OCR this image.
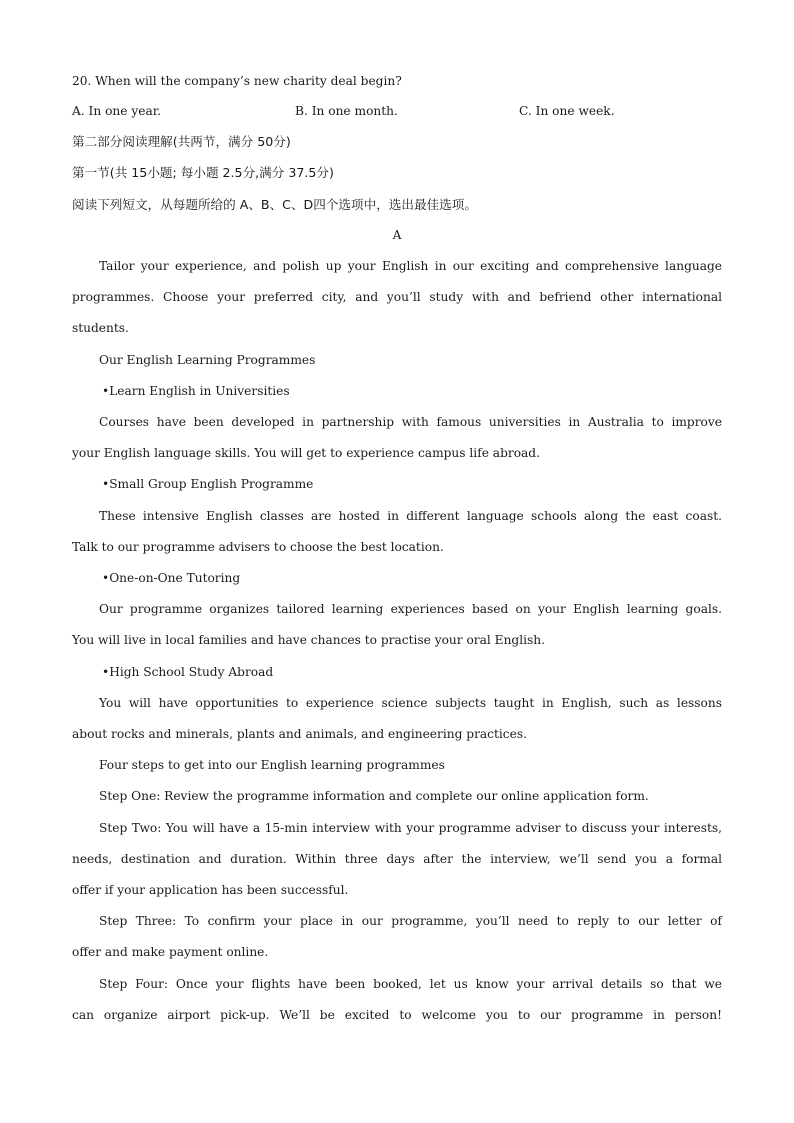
20. When will the company’s new charity deal begin?

A. In one year.	B. In one month.	C. In one week.

第二部分阅读理解(共两节，满分 50分)

第一节(共 15小题; 每小题 2.5分,满分 37.5分)

阅读下列短文，从每题所给的 A、B、C、D四个选项中，选出最佳选项。

A

Tailor your experience, and polish up your English in our exciting and comprehensive language

programmes. Choose your preferred city, and you’ll study with and befriend other international

students.

Our English Learning Programmes

•Learn English in Universities

Courses have been developed in partnership with famous universities in Australia to improve

your English language skills. You will get to experience campus life abroad.

•Small Group English Programme

These intensive English classes are hosted in different language schools along the east coast.

Talk to our programme advisers to choose the best location.

•One-on-One Tutoring

Our programme organizes tailored learning experiences based on your English learning goals.

You will live in local families and have chances to practise your oral English.

•High School Study Abroad

You will have opportunities to experience science subjects taught in English, such as lessons

about rocks and minerals, plants and animals, and engineering practices.

Four steps to get into our English learning programmes

Step One: Review the programme information and complete our online application form.

Step Two: You will have a 15-min interview with your programme adviser to discuss your interests,

needs, destination and duration. Within three days after the interview, we’ll send you a formal

offer if your application has been successful.

Step Three: To confirm your place in our programme, you’ll need to reply to our letter of

offer and make payment online.

Step Four: Once your flights have been booked, let us know your arrival details so that we

can organize airport pick-up. We’ll be excited to welcome you to our programme in person!
